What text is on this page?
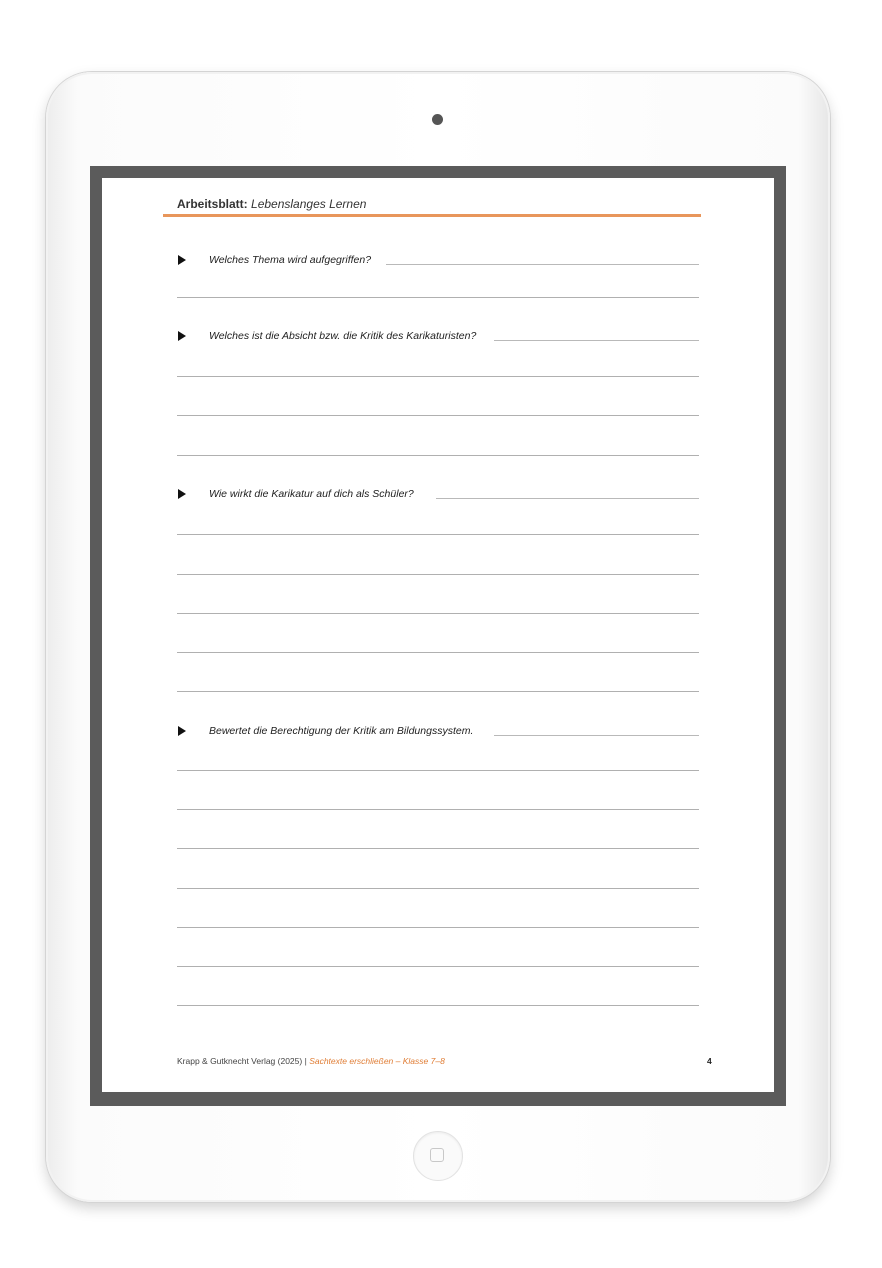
Arbeitsblatt: Lebenslanges Lernen
Welches Thema wird aufgegriffen?
Welches ist die Absicht bzw. die Kritik des Karikaturisten?
Wie wirkt die Karikatur auf dich als Schüler?
Bewertet die Berechtigung der Kritik am Bildungssystem.
Krapp & Gutknecht Verlag (2025) | Sachtexte erschließen – Klasse 7–8	4
